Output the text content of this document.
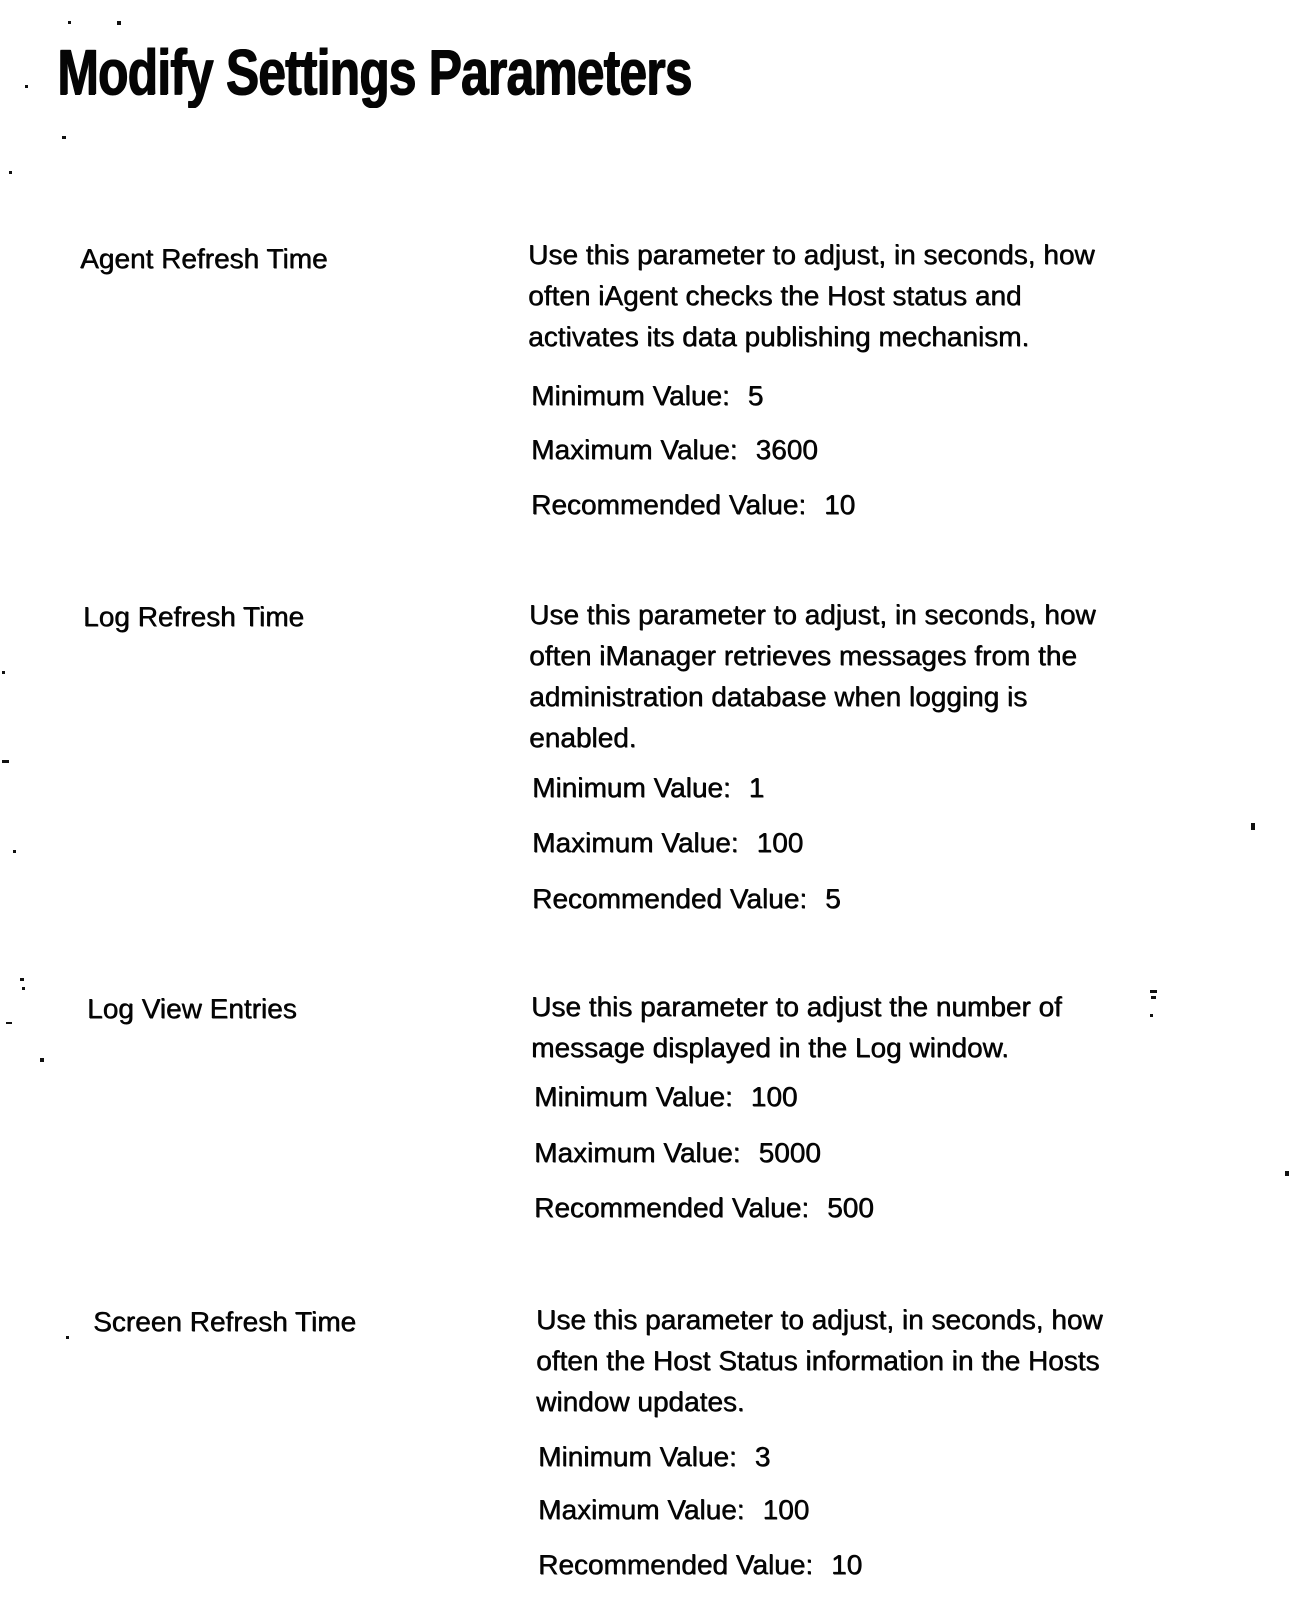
Modify Settings Parameters
Agent Refresh Time	Use this parameter to adjust, in seconds, how
often iAgent checks the Host status and
activates its data publishing mechanism.
Minimum Value: 5
Maximum Value: 3600
Recommended Value: 10
Log Refresh Time	Use this parameter to adjust, in seconds, how
often iManager retrieves messages from the
administration database when logging is
enabled.
Minimum Value: 1
Maximum Value: 100
Recommended Value: 5
Log View Entries	Use this parameter to adjust the number of
message displayed in the Log window.
Minimum Value: 100
Maximum Value: 5000
Recommended Value: 500
Screen Refresh Time	Use this parameter to adjust, in seconds, how
often the Host Status information in the Hosts
window updates.
Minimum Value: 3
Maximum Value: 100
Recommended Value: 10
